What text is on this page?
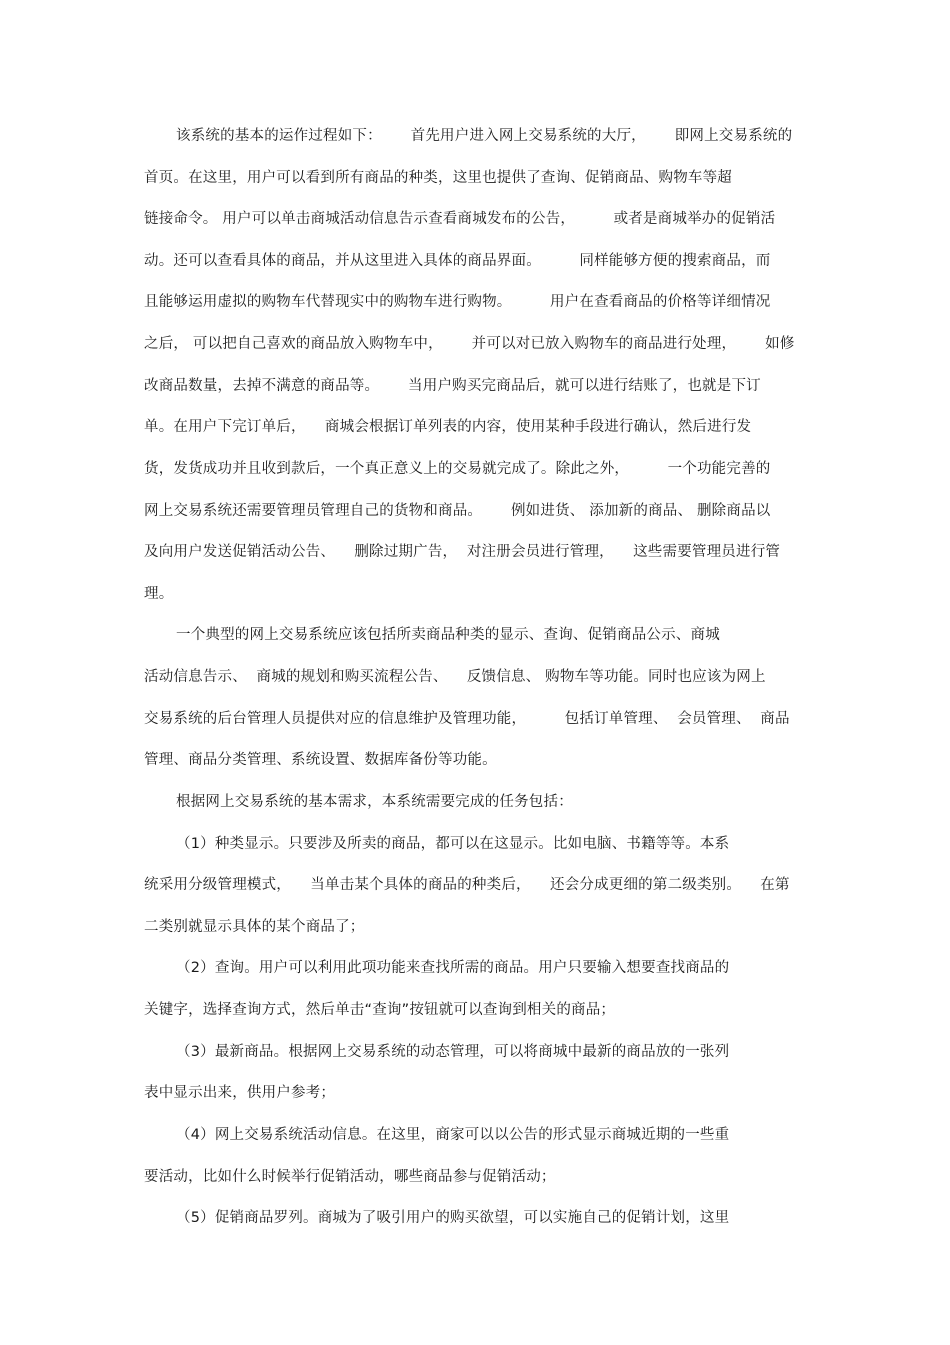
该系统的基本的运作过程如下：      首先用户进入网上交易系统的大厅，      即网上交易系统的
首页。在这里，用户可以看到所有商品的种类，这里也提供了查询、促销商品、购物车等超
链接命令。 用户可以单击商城活动信息告示查看商城发布的公告，        或者是商城举办的促销活
动。还可以查看具体的商品，并从这里进入具体的商品界面。        同样能够方便的搜索商品，而
且能够运用虚拟的购物车代替现实中的购物车进行购物。        用户在查看商品的价格等详细情况
之后， 可以把自己喜欢的商品放入购物车中，      并可以对已放入购物车的商品进行处理，      如修
改商品数量，去掉不满意的商品等。      当用户购买完商品后，就可以进行结账了，也就是下订
单。在用户下完订单后，    商城会根据订单列表的内容，使用某种手段进行确认，然后进行发
货，发货成功并且收到款后，一个真正意义上的交易就完成了。除此之外，        一个功能完善的
网上交易系统还需要管理员管理自己的货物和商品。      例如进货、 添加新的商品、 删除商品以
及向用户发送促销活动公告、    删除过期广告，  对注册会员进行管理，    这些需要管理员进行管
理。
一个典型的网上交易系统应该包括所卖商品种类的显示、查询、促销商品公示、商城
活动信息告示、  商城的规划和购买流程公告、    反馈信息、 购物车等功能。同时也应该为网上
交易系统的后台管理人员提供对应的信息维护及管理功能，        包括订单管理、  会员管理、  商品
管理、商品分类管理、系统设置、数据库备份等功能。
根据网上交易系统的基本需求，本系统需要完成的任务包括：
（1）种类显示。只要涉及所卖的商品，都可以在这显示。比如电脑、书籍等等。本系
统采用分级管理模式，    当单击某个具体的商品的种类后，    还会分成更细的第二级类别。    在第
二类别就显示具体的某个商品了；
（2）查询。用户可以利用此项功能来查找所需的商品。用户只要输入想要查找商品的
关键字，选择查询方式，然后单击“查询”按钮就可以查询到相关的商品；
（3）最新商品。根据网上交易系统的动态管理，可以将商城中最新的商品放的一张列
表中显示出来，供用户参考；
（4）网上交易系统活动信息。在这里，商家可以以公告的形式显示商城近期的一些重
要活动，比如什么时候举行促销活动，哪些商品参与促销活动；
（5）促销商品罗列。商城为了吸引用户的购买欲望，可以实施自己的促销计划，这里
